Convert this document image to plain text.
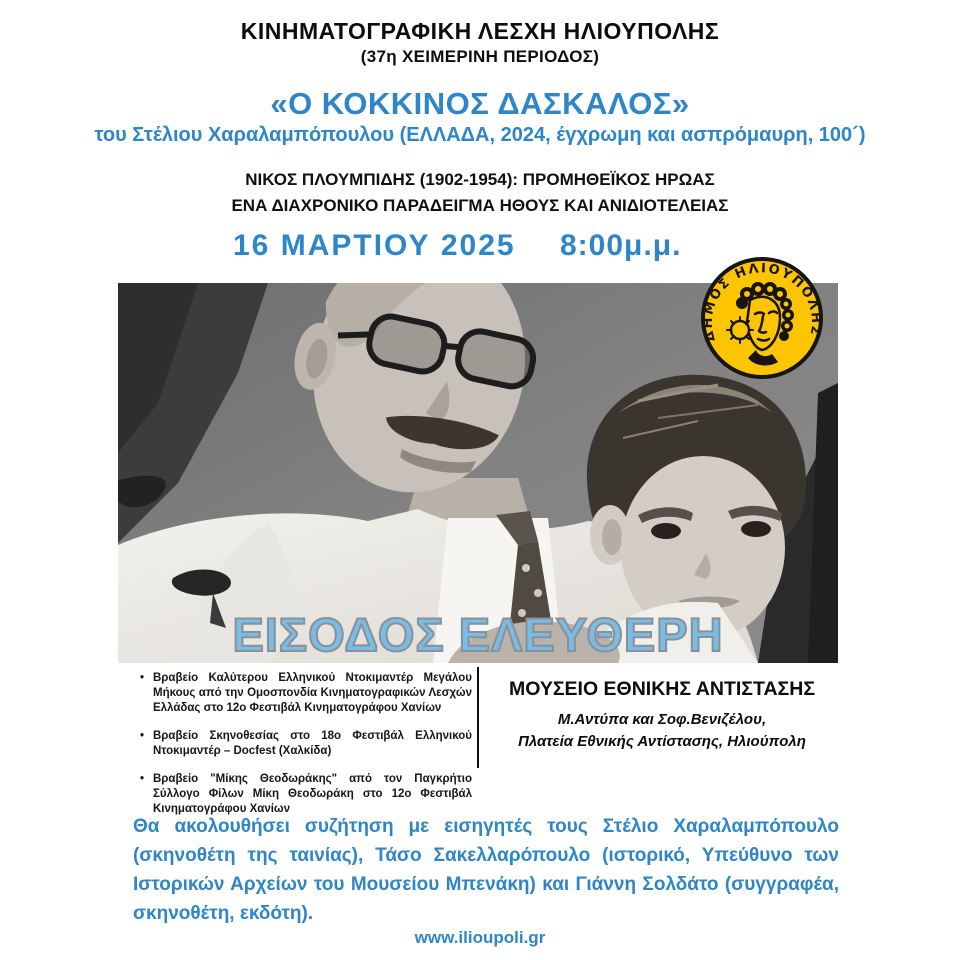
ΚΙΝΗΜΑΤΟΓΡΑΦΙΚΗ ΛΕΣΧΗ ΗΛΙΟΥΠΟΛΗΣ
(37η ΧΕΙΜΕΡΙΝΗ ΠΕΡΙΟΔΟΣ)
«Ο ΚΟΚΚΙΝΟΣ ΔΑΣΚΑΛΟΣ»
του Στέλιου Χαραλαμπόπουλου (ΕΛΛΑΔΑ, 2024, έγχρωμη και ασπρόμαυρη, 100´)
ΝΙΚΟΣ ΠΛΟΥΜΠΙΔΗΣ (1902-1954): ΠΡΟΜΗΘΕΪΚΟΣ ΗΡΩΑΣ
ΕΝΑ ΔΙΑΧΡΟΝΙΚΟ ΠΑΡΑΔΕΙΓΜΑ ΗΘΟΥΣ ΚΑΙ ΑΝΙΔΙΟΤΕΛΕΙΑΣ
16 ΜΑΡΤΙΟΥ 2025 8:00μ.μ.
ΕΙΣΟΔΟΣ ΕΛΕΥΘΕΡΗ
ΔΗΜΟΣ ΗΛΙΟΥΠΟΛΗΣ
• Βραβείο Καλύτερου Ελληνικού Ντοκιμαντέρ Μεγάλου Μήκους από την Ομοσπονδία Κινηματογραφικών Λεσχών Ελλάδας στο 12ο Φεστιβάλ Κινηματογράφου Χανίων
• Βραβείο Σκηνοθεσίας στο 18ο Φεστιβάλ Ελληνικού Ντοκιμαντέρ – Docfest (Χαλκίδα)
• Βραβείο "Μίκης Θεοδωράκης" από τον Παγκρήτιο Σύλλογο Φίλων Μίκη Θεοδωράκη στο 12ο Φεστιβάλ Κινηματογράφου Χανίων

ΜΟΥΣΕΙΟ ΕΘΝΙΚΗΣ ΑΝΤΙΣΤΑΣΗΣ

Μ.Αντύπα και Σοφ.Βενιζέλου,

Πλατεία Εθνικής Αντίστασης, Ηλιούπολη

Θα ακολουθήσει συζήτηση με εισηγητές τους Στέλιο Χαραλαμπόπουλο (σκηνοθέτη της ταινίας), Τάσο Σακελλαρόπουλο (ιστορικό, Υπεύθυνο των Ιστορικών Αρχείων του Μουσείου Μπενάκη) και Γιάννη Σολδάτο (συγγραφέα, σκηνοθέτη, εκδότη).
www.ilioupoli.gr
